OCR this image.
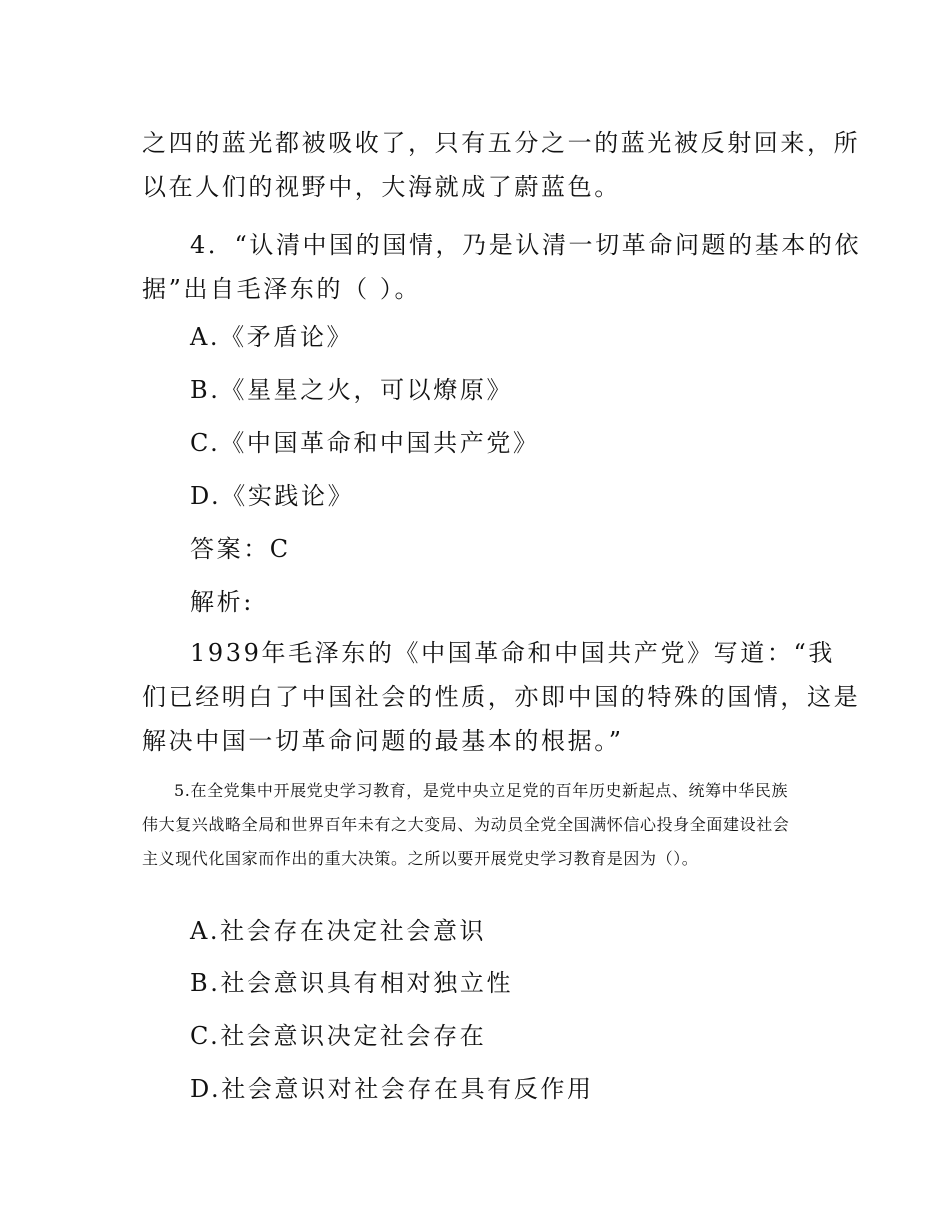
之四的蓝光都被吸收了，只有五分之一的蓝光被反射回来，所
以在人们的视野中，大海就成了蔚蓝色。
4．“认清中国的国情，乃是认清一切革命问题的基本的依
据”出自毛泽东的（ ）。
A.《矛盾论》
B.《星星之火，可以燎原》
C.《中国革命和中国共产党》
D.《实践论》
答案：C
解析:
1939年毛泽东的《中国革命和中国共产党》写道：“我
们已经明白了中国社会的性质，亦即中国的特殊的国情，这是
解决中国一切革命问题的最基本的根据。”
5.在全党集中开展党史学习教育，是党中央立足党的百年历史新起点、统筹中华民族
伟大复兴战略全局和世界百年未有之大变局、为动员全党全国满怀信心投身全面建设社会
主义现代化国家而作出的重大决策。之所以要开展党史学习教育是因为（）。
A.社会存在决定社会意识
B.社会意识具有相对独立性
C.社会意识决定社会存在
D.社会意识对社会存在具有反作用
